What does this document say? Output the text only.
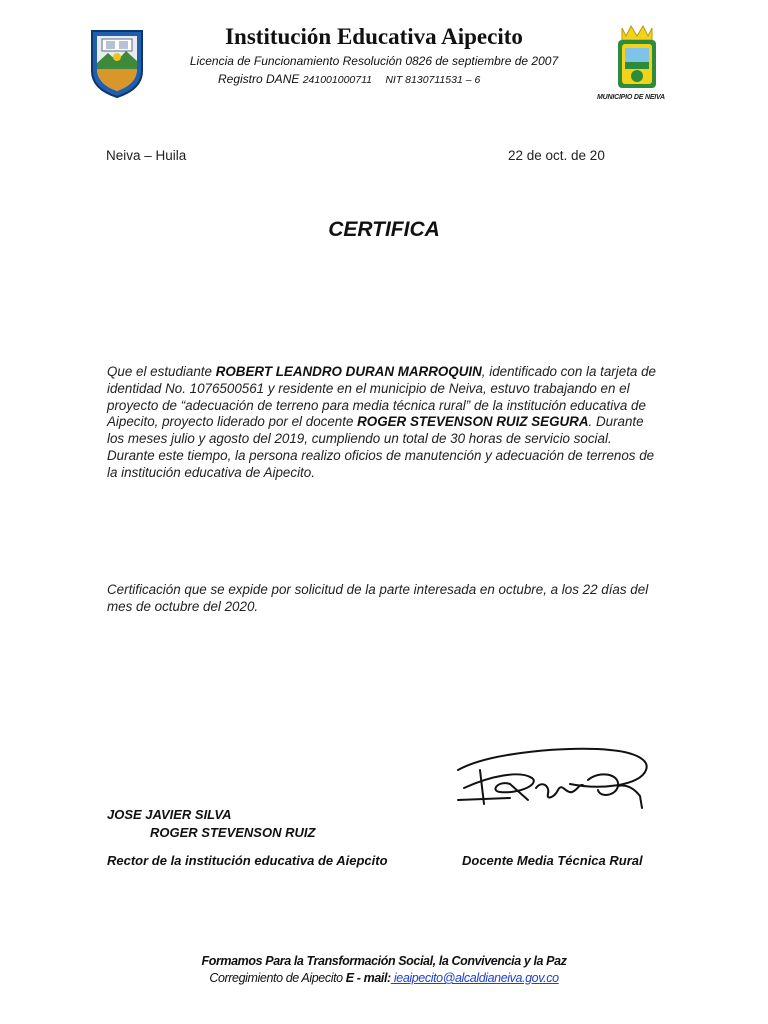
Institución Educativa Aipecito
Licencia de Funcionamiento Resolución 0826 de septiembre de 2007
Registro DANE 241001000711 NIT 8130711531 – 6
MUNICIPIO DE NEIVA
Neiva – Huila	22 de oct. de 20
CERTIFICA
Que el estudiante ROBERT LEANDRO DURAN MARROQUIN, identificado con la tarjeta de identidad No. 1076500561 y residente en el municipio de Neiva, estuvo trabajando en el proyecto de “adecuación de terreno para media técnica rural” de la institución educativa de Aipecito, proyecto liderado por el docente ROGER STEVENSON RUIZ SEGURA. Durante los meses julio y agosto del 2019, cumpliendo un total de 30 horas de servicio social. Durante este tiempo, la persona realizo oficios de manutención y adecuación de terrenos de la institución educativa de Aipecito.
Certificación que se expide por solicitud de la parte interesada en octubre, a los 22 días del mes de octubre del 2020.
JOSE JAVIER SILVA
ROGER STEVENSON RUIZ
Rector de la institución educativa de Aiepcito	Docente Media Técnica Rural
Formamos Para la Transformación Social, la Convivencia y la Paz
Corregimiento de Aipecito E - mail: ieaipecito@alcaldianeiva.gov.co
